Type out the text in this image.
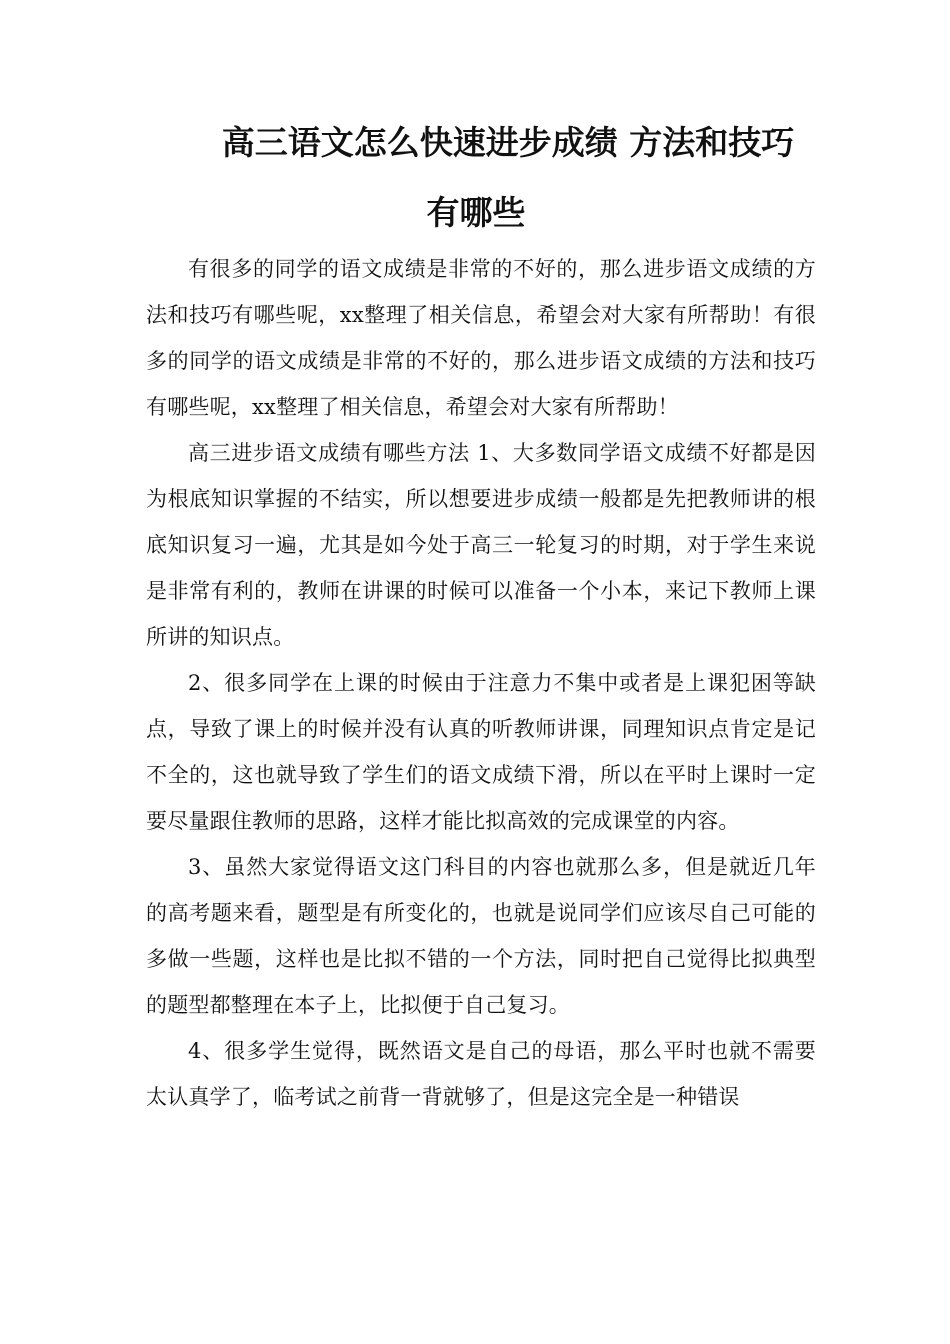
高三语文怎么快速进步成绩 方法和技巧
有哪些

有很多的同学的语文成绩是非常的不好的，那么进步语文成绩的方法和技巧有哪些呢，xx整理了相关信息，希望会对大家有所帮助！有很多的同学的语文成绩是非常的不好的，那么进步语文成绩的方法和技巧有哪些呢，xx整理了相关信息，希望会对大家有所帮助！

高三进步语文成绩有哪些方法 1、大多数同学语文成绩不好都是因为根底知识掌握的不结实，所以想要进步成绩一般都是先把教师讲的根底知识复习一遍，尤其是如今处于高三一轮复习的时期，对于学生来说是非常有利的，教师在讲课的时候可以准备一个小本，来记下教师上课所讲的知识点。

2、很多同学在上课的时候由于注意力不集中或者是上课犯困等缺点，导致了课上的时候并没有认真的听教师讲课，同理知识点肯定是记不全的，这也就导致了学生们的语文成绩下滑，所以在平时上课时一定要尽量跟住教师的思路，这样才能比拟高效的完成课堂的内容。

3、虽然大家觉得语文这门科目的内容也就那么多，但是就近几年的高考题来看，题型是有所变化的，也就是说同学们应该尽自己可能的多做一些题，这样也是比拟不错的一个方法，同时把自己觉得比拟典型的题型都整理在本子上，比拟便于自己复习。

4、很多学生觉得，既然语文是自己的母语，那么平时也就不需要太认真学了，临考试之前背一背就够了，但是这完全是一种错误
